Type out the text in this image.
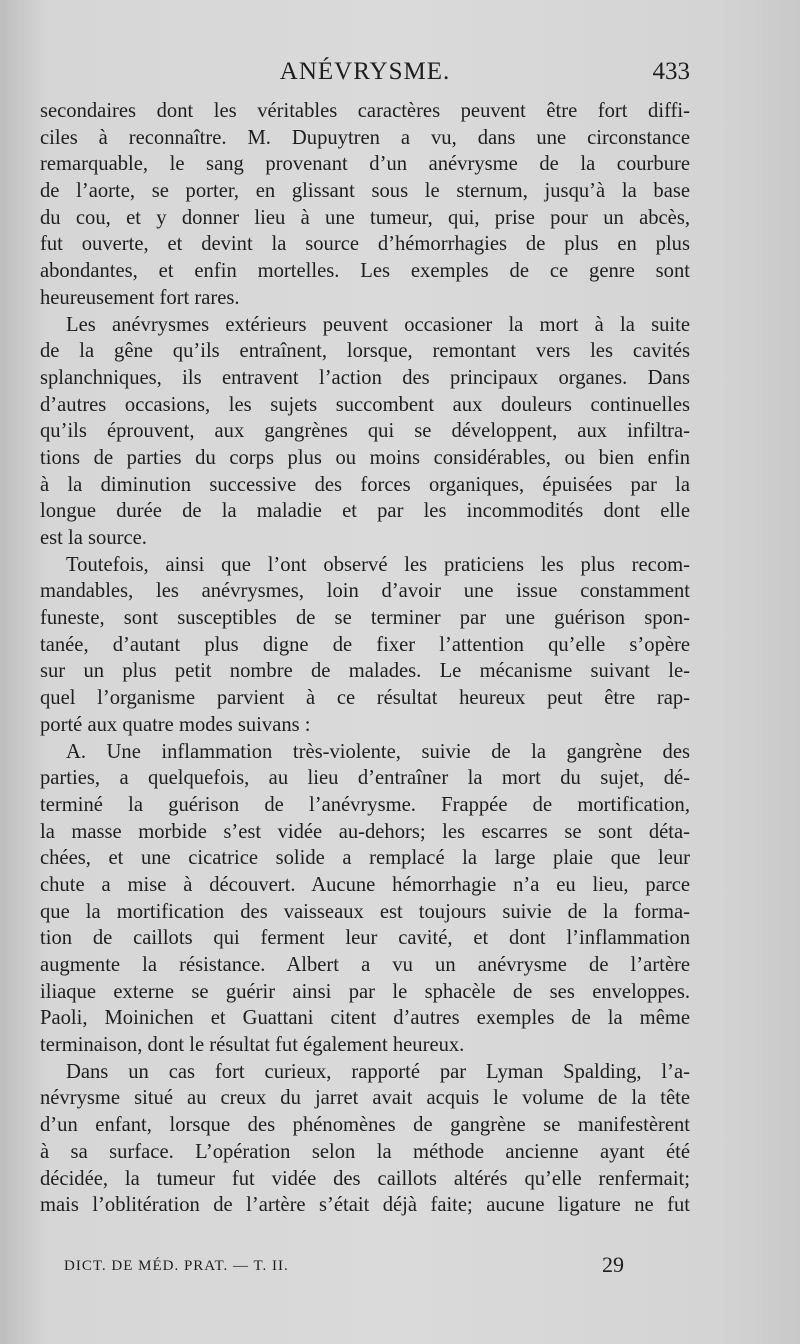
ANÉVRYSME.	433
secondaires dont les véritables caractères peuvent être fort diffi-
ciles à reconnaître. M. Dupuytren a vu, dans une circonstance
remarquable, le sang provenant d’un anévrysme de la courbure
de l’aorte, se porter, en glissant sous le sternum, jusqu’à la base
du cou, et y donner lieu à une tumeur, qui, prise pour un abcès,
fut ouverte, et devint la source d’hémorrhagies de plus en plus
abondantes, et enfin mortelles. Les exemples de ce genre sont
heureusement fort rares.
Les anévrysmes extérieurs peuvent occasioner la mort à la suite
de la gêne qu’ils entraînent, lorsque, remontant vers les cavités
splanchniques, ils entravent l’action des principaux organes. Dans
d’autres occasions, les sujets succombent aux douleurs continuelles
qu’ils éprouvent, aux gangrènes qui se développent, aux infiltra-
tions de parties du corps plus ou moins considérables, ou bien enfin
à la diminution successive des forces organiques, épuisées par la
longue durée de la maladie et par les incommodités dont elle
est la source.
Toutefois, ainsi que l’ont observé les praticiens les plus recom-
mandables, les anévrysmes, loin d’avoir une issue constamment
funeste, sont susceptibles de se terminer par une guérison spon-
tanée, d’autant plus digne de fixer l’attention qu’elle s’opère
sur un plus petit nombre de malades. Le mécanisme suivant le-
quel l’organisme parvient à ce résultat heureux peut être rap-
porté aux quatre modes suivans :
A. Une inflammation très-violente, suivie de la gangrène des
parties, a quelquefois, au lieu d’entraîner la mort du sujet, dé-
terminé la guérison de l’anévrysme. Frappée de mortification,
la masse morbide s’est vidée au-dehors; les escarres se sont déta-
chées, et une cicatrice solide a remplacé la large plaie que leur
chute a mise à découvert. Aucune hémorrhagie n’a eu lieu, parce
que la mortification des vaisseaux est toujours suivie de la forma-
tion de caillots qui ferment leur cavité, et dont l’inflammation
augmente la résistance. Albert a vu un anévrysme de l’artère
iliaque externe se guérir ainsi par le sphacèle de ses enveloppes.
Paoli, Moinichen et Guattani citent d’autres exemples de la même
terminaison, dont le résultat fut également heureux.
Dans un cas fort curieux, rapporté par Lyman Spalding, l’a-
névrysme situé au creux du jarret avait acquis le volume de la tête
d’un enfant, lorsque des phénomènes de gangrène se manifestèrent
à sa surface. L’opération selon la méthode ancienne ayant été
décidée, la tumeur fut vidée des caillots altérés qu’elle renfermait;
mais l’oblitération de l’artère s’était déjà faite; aucune ligature ne fut
DICT. DE MÉD. PRAT. — T. II.	29
